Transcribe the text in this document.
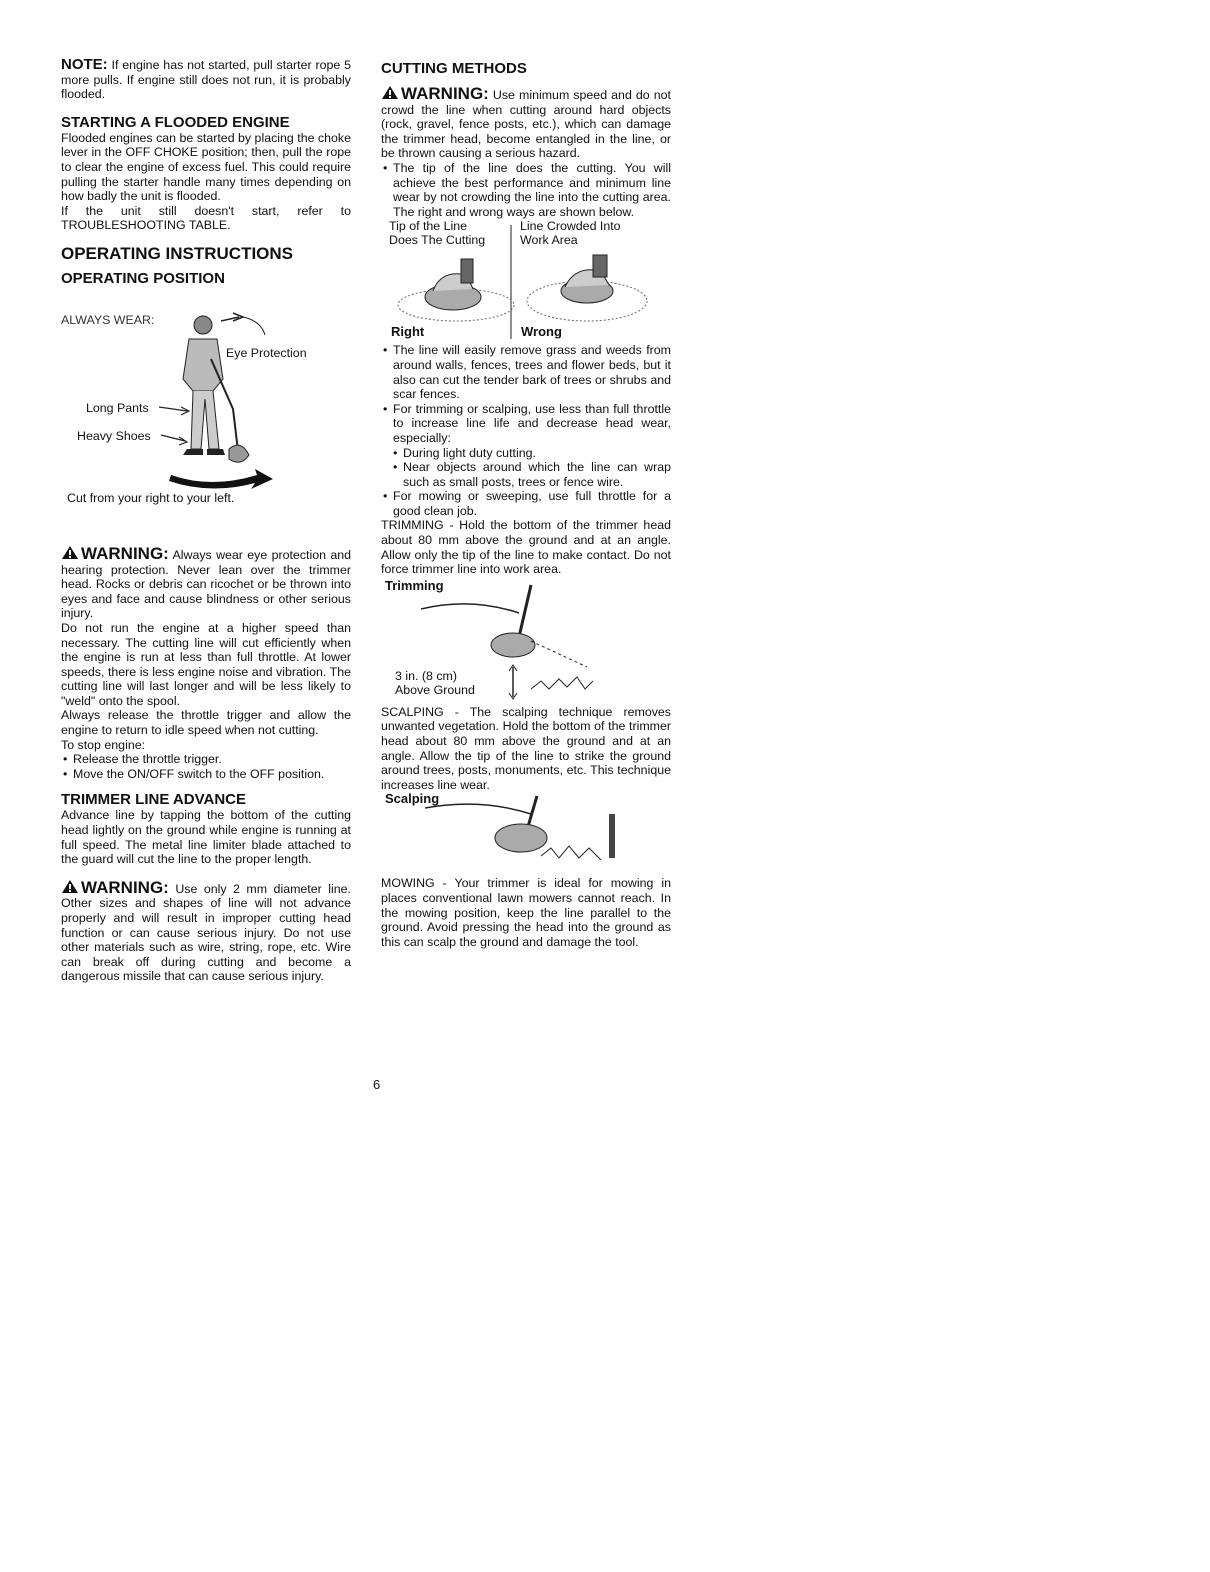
NOTE: If engine has not started, pull starter rope 5 more pulls. If engine still does not run, it is probably flooded.

STARTING A FLOODED ENGINE

Flooded engines can be started by placing the choke lever in the OFF CHOKE position; then, pull the rope to clear the engine of excess fuel. This could require pulling the starter handle many times depending on how badly the unit is flooded.

If the unit still doesn't start, refer to TROUBLESHOOTING TABLE.

OPERATING INSTRUCTIONS
OPERATING POSITION
ALWAYS WEAR:
Eye Protection
Long Pants
Heavy Shoes
Cut from your right to your left.

WARNING: Always wear eye protection and hearing protection. Never lean over the trimmer head. Rocks or debris can ricochet or be thrown into eyes and face and cause blindness or other serious injury.

Do not run the engine at a higher speed than necessary. The cutting line will cut efficiently when the engine is run at less than full throttle. At lower speeds, there is less engine noise and vibration. The cutting line will last longer and will be less likely to "weld" onto the spool.

Always release the throttle trigger and allow the engine to return to idle speed when not cutting.

To stop engine:

• Release the throttle trigger.
• Move the ON/OFF switch to the OFF position.
TRIMMER LINE ADVANCE

Advance line by tapping the bottom of the cutting head lightly on the ground while engine is running at full speed. The metal line limiter blade attached to the guard will cut the line to the proper length.

WARNING: Use only 2 mm diameter line. Other sizes and shapes of line will not advance properly and will result in improper cutting head function or can cause serious injury. Do not use other materials such as wire, string, rope, etc. Wire can break off during cutting and become a dangerous missile that can cause serious injury.

CUTTING METHODS

WARNING: Use minimum speed and do not crowd the line when cutting around hard objects (rock, gravel, fence posts, etc.), which can damage the trimmer head, become entangled in the line, or be thrown causing a serious hazard.

• The tip of the line does the cutting. You will achieve the best performance and minimum line wear by not crowding the line into the cutting area. The right and wrong ways are shown below.
Tip of the Line
Does The Cutting
Line Crowded Into
Work Area
Right	Wrong
• The line will easily remove grass and weeds from around walls, fences, trees and flower beds, but it also can cut the tender bark of trees or shrubs and scar fences.
• For trimming or scalping, use less than full throttle to increase line life and decrease head wear, especially:
• During light duty cutting.
• Near objects around which the line can wrap such as small posts, trees or fence wire.
• For mowing or sweeping, use full throttle for a good clean job.

TRIMMING - Hold the bottom of the trimmer head about 80 mm above the ground and at an angle. Allow only the tip of the line to make contact. Do not force trimmer line into work area.

Trimming
3 in. (8 cm)
Above Ground

SCALPING - The scalping technique removes unwanted vegetation. Hold the bottom of the trimmer head about 80 mm above the ground and at an angle. Allow the tip of the line to strike the ground around trees, posts, monuments, etc. This technique increases line wear.

Scalping

MOWING - Your trimmer is ideal for mowing in places conventional lawn mowers cannot reach. In the mowing position, keep the line parallel to the ground. Avoid pressing the head into the ground as this can scalp the ground and damage the tool.

6
